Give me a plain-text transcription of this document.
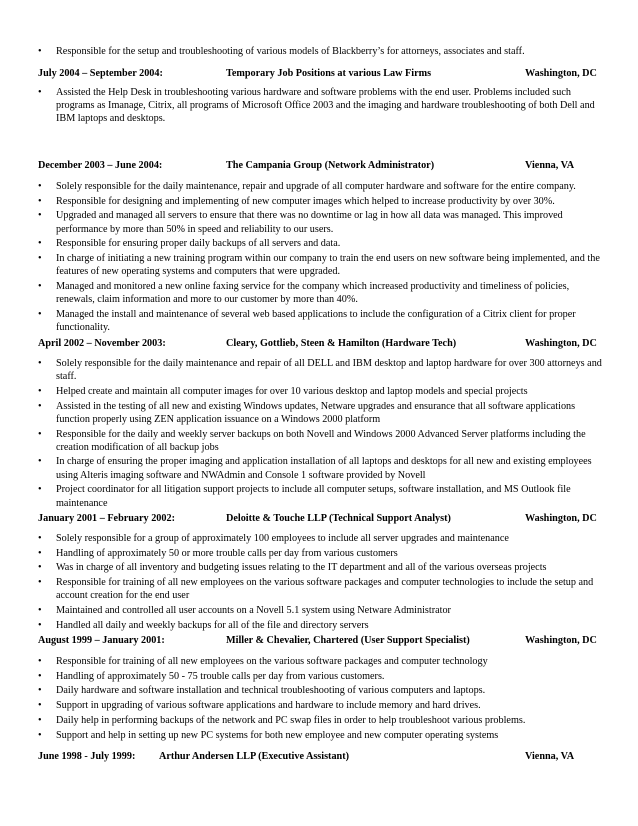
• Responsible for the setup and troubleshooting of various models of Blackberry’s for attorneys, associates and staff.
July 2004 – September 2004:	Temporary Job Positions at various Law Firms	Washington, DC
• Assisted the Help Desk in troubleshooting various hardware and software problems with the end user. Problems included such programs as Imanage, Citrix, all programs of Microsoft Office 2003 and the imaging and hardware troubleshooting of both Dell and IBM laptops and desktops.
December 2003 – June 2004:	The Campania Group (Network Administrator)	Vienna, VA
• Solely responsible for the daily maintenance, repair and upgrade of all computer hardware and software for the entire company.
• Responsible for designing and implementing of new computer images which helped to increase productivity by over 30%.
• Upgraded and managed all servers to ensure that there was no downtime or lag in how all data was managed. This improved performance by more than 50% in speed and reliability to our users.
• Responsible for ensuring proper daily backups of all servers and data.
• In charge of initiating a new training program within our company to train the end users on new software being implemented, and the features of new operating systems and computers that were upgraded.
• Managed and monitored a new online faxing service for the company which increased productivity and timeliness of policies, renewals, claim information and more to our customer by more than 40%.
• Managed the install and maintenance of several web based applications to include the configuration of a Citrix client for proper functionality.
April 2002 – November 2003:	Cleary, Gottlieb, Steen & Hamilton (Hardware Tech)	Washington, DC
• Solely responsible for the daily maintenance and repair of all DELL and IBM desktop and laptop hardware for over 300 attorneys and staff.
• Helped create and maintain all computer images for over 10 various desktop and laptop models and special projects
• Assisted in the testing of all new and existing Windows updates, Netware upgrades and ensurance that all software applications function properly using ZEN application issuance on a Windows 2000 platform
• Responsible for the daily and weekly server backups on both Novell and Windows 2000 Advanced Server platforms including the creation modification of all backup jobs
• In charge of ensuring the proper imaging and application installation of all laptops and desktops for all new and existing employees using Alteris imaging software and NWAdmin and Console 1 software provided by Novell
• Project coordinator for all litigation support projects to include all computer setups, software installation, and MS Outlook file maintenance
January 2001 – February 2002:	Deloitte & Touche LLP (Technical Support Analyst)	Washington, DC
• Solely responsible for a group of approximately 100 employees to include all server upgrades and maintenance
• Handling of approximately 50 or more trouble calls per day from various customers
• Was in charge of all inventory and budgeting issues relating to the IT department and all of the various overseas projects
• Responsible for training of all new employees on the various software packages and computer technologies to include the setup and account creation for the end user
• Maintained and controlled all user accounts on a Novell 5.1 system using Netware Administrator
• Handled all daily and weekly backups for all of the file and directory servers
August 1999 – January 2001:	Miller & Chevalier, Chartered (User Support Specialist)	Washington, DC
• Responsible for training of all new employees on the various software packages and computer technology
• Handling of approximately 50 - 75 trouble calls per day from various customers.
• Daily hardware and software installation and technical troubleshooting of various computers and laptops.
• Support in upgrading of various software applications and hardware to include memory and hard drives.
• Daily help in performing backups of the network and PC swap files in order to help troubleshoot various problems.
• Support and help in setting up new PC systems for both new employee and new computer operating systems
June 1998 - July 1999: Arthur Andersen LLP (Executive Assistant)	Vienna, VA
